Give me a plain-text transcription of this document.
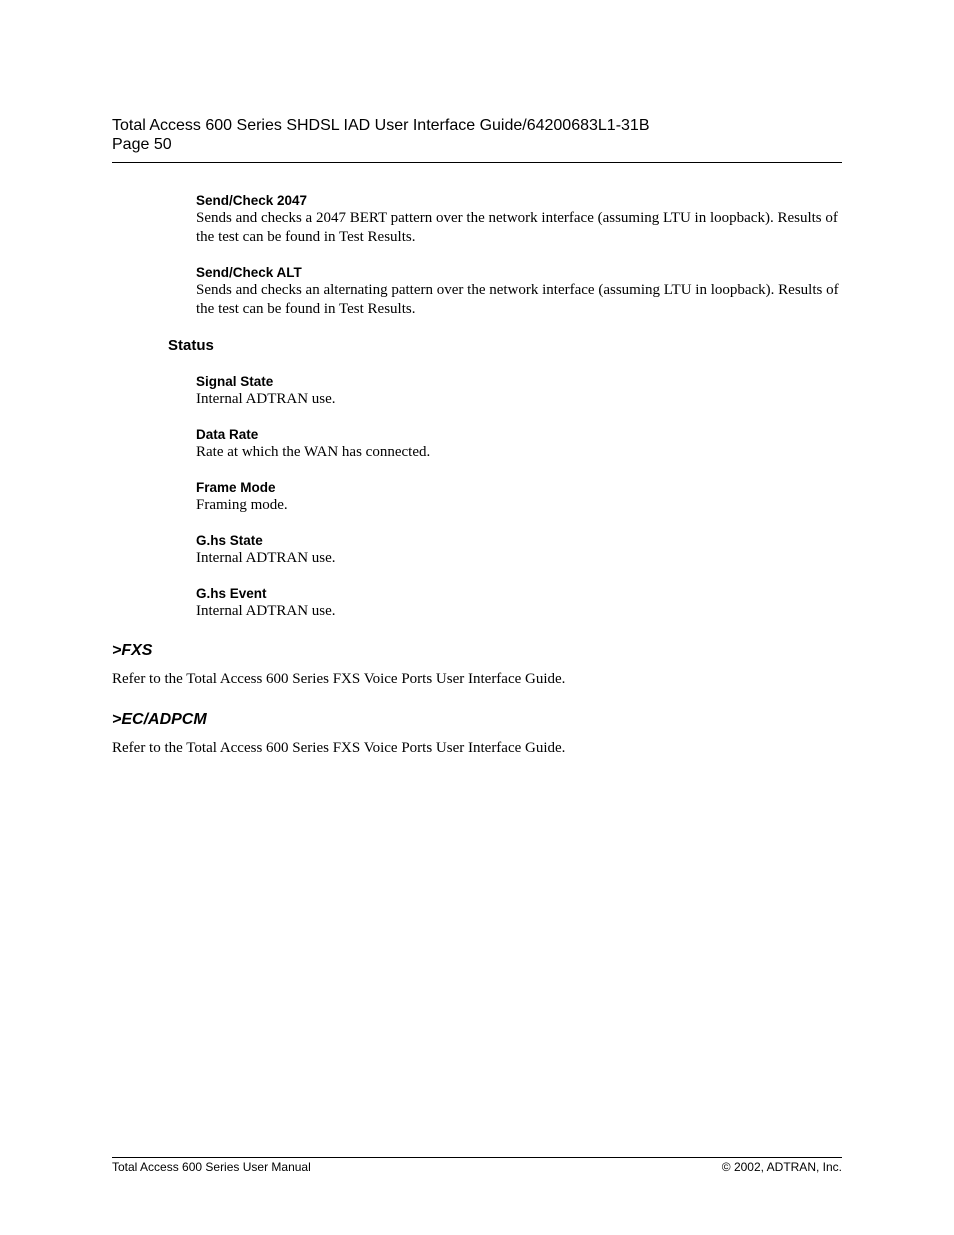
Total Access 600 Series SHDSL IAD User Interface Guide/64200683L1-31B
Page 50

Send/Check 2047

Sends and checks a 2047 BERT pattern over the network interface (assuming LTU in loopback). Results of the test can be found in Test Results.

Send/Check ALT

Sends and checks an alternating pattern over the network interface (assuming LTU in loopback). Results of the test can be found in Test Results.

Status

Signal State

Internal ADTRAN use.

Data Rate

Rate at which the WAN has connected.

Frame Mode

Framing mode.

G.hs State

Internal ADTRAN use.

G.hs Event

Internal ADTRAN use.

>FXS

Refer to the Total Access 600 Series FXS Voice Ports User Interface Guide.

>EC/ADPCM

Refer to the Total Access 600 Series FXS Voice Ports User Interface Guide.

Total Access 600 Series User Manual	© 2002, ADTRAN, Inc.
